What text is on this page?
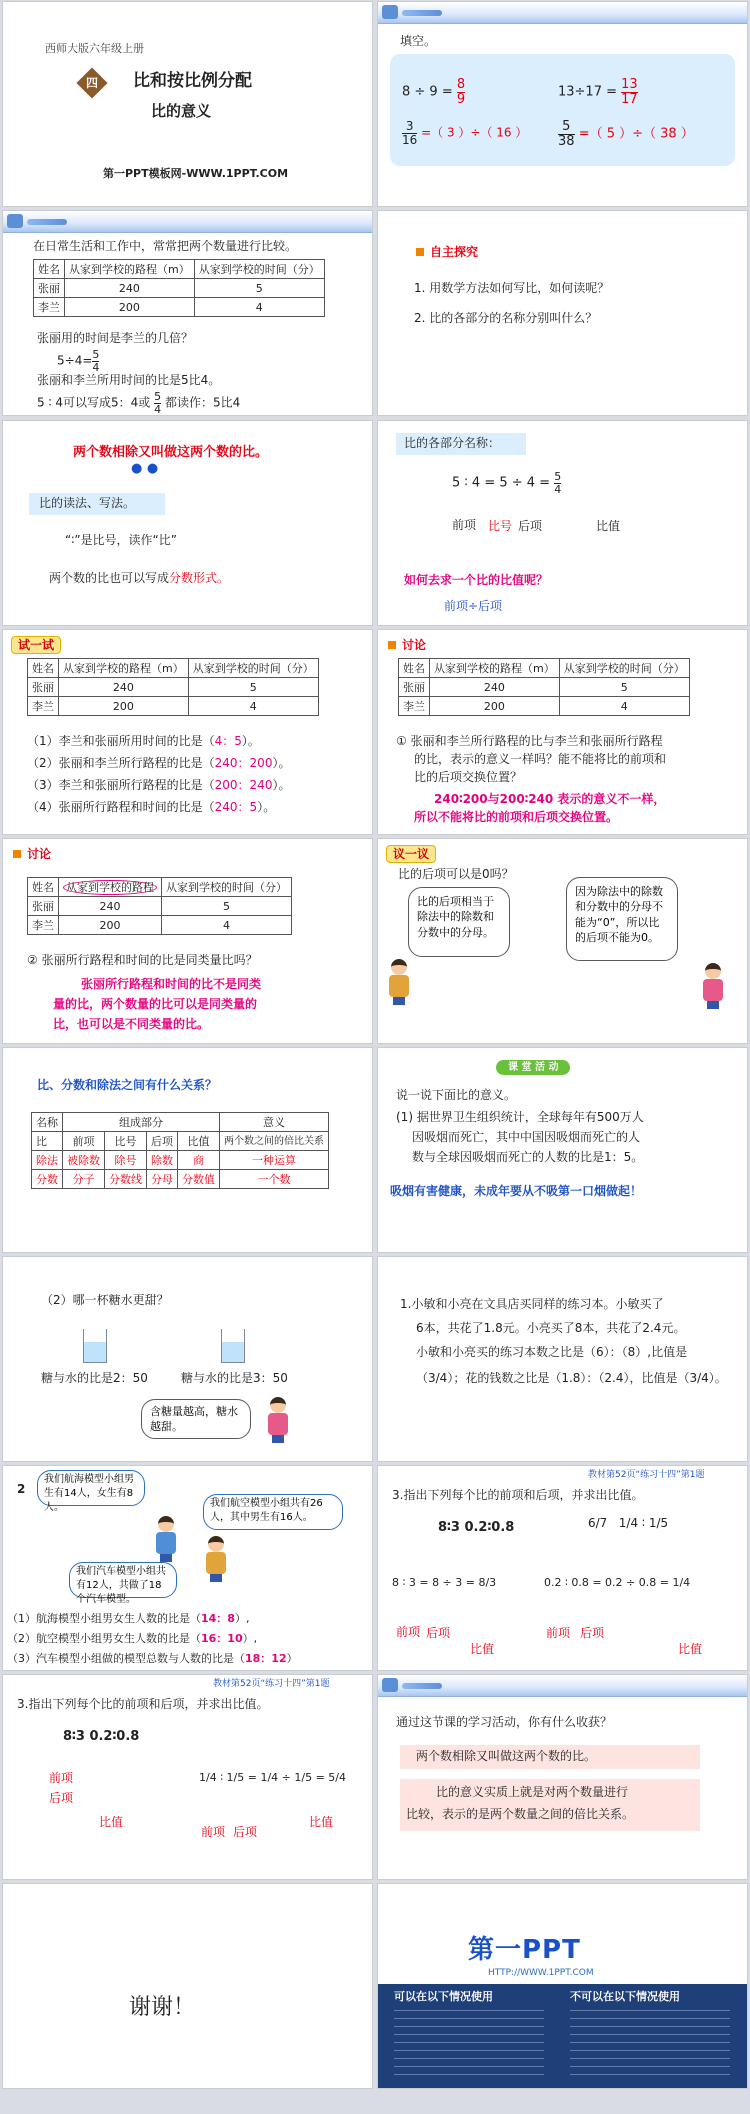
西师大版六年级上册
四	比和按比例分配
比的意义
第一PPT模板网-WWW.1PPT.COM
填空。
$8 \div 9 = \frac{8}{9}$	$13\div 17 = \frac{13}{17}$
$\frac{3}{16}$ =（ 3 ）÷（ 16 ） $\frac{5}{38}$ =（ 5 ）÷（ 38 ）
在日常生活和工作中，常常把两个数量进行比较。
姓名	从家到学校的路程（m）	从家到学校的时间（分）
张丽	240	5
李兰	200	4
张丽用的时间是李兰的几倍？
$5\div 4= \frac{5}{4}$
张丽和李兰所用时间的比是5比4。
5 ∶ 4可以写成5：4或 $\frac{5}{4}$ 都读作：5比4
自主探究
1. 用数学方法如何写比，如何读呢？
2. 比的各部分的名称分别叫什么？
两个数相除又叫做这两个数的比。
● ●
比的读法、写法。
“∶”是比号，读作“比”
两个数的比也可以写成分数形式。
比的各部分名称：
5 ∶ $4 = 5 \div 4 = \frac{5}{4}$
前项 比号 后项	比值
如何去求一个比的比值呢？
前项÷后项
试一试
姓名	从家到学校的路程（m）	从家到学校的时间（分）
张丽	240	5
李兰	200	4
（1）李兰和张丽所用时间的比是（4：5）。
（2）张丽和李兰所行路程的比是（240：200）。
（3）李兰和张丽所行路程的比是（200：240）。
（4）张丽所行路程和时间的比是（240：5）。
讨论
姓名	从家到学校的路程（m）	从家到学校的时间（分）
张丽	240	5
李兰	200	4
① 张丽和李兰所行路程的比与李兰和张丽所行路程
的比，表示的意义一样吗？能不能将比的前项和
比的后项交换位置？
240∶200与200∶240 表示的意义不一样，
所以不能将比的前项和后项交换位置。
讨论
姓名	从家到学校的路程	从家到学校的时间（分）
张丽	240	5
李兰	200	4
② 张丽所行路程和时间的比是同类量比吗？
张丽所行路程和时间的比不是同类
量的比，两个数量的比可以是同类量的
比，也可以是不同类量的比。
议一议
比的后项可以是0吗？
比的后项相当于除法中的除数和分数中的分母。
因为除法中的除数和分数中的分母不能为“0”，所以比的后项不能为0。
比、分数和除法之间有什么关系？
名称	组成部分				意义
比	前项	比号	后项	比值	两个数之间的倍比关系
除法	被除数	除号	除数	商	一种运算
分数	分子	分数线	分母	分数值	一个数
课 堂 活 动
说一说下面比的意义。
(1) 据世界卫生组织统计，全球每年有500万人
因吸烟而死亡，其中中国因吸烟而死亡的人
数与全球因吸烟而死亡的人数的比是1：5。
吸烟有害健康，未成年要从不吸第一口烟做起！
（2）哪一杯糖水更甜？
糖与水的比是2：50	糖与水的比是3：50
含糖量越高，糖水越甜。
1.小敏和小亮在文具店买同样的练习本。小敏买了
6本，共花了1.8元。小亮买了8本，共花了2.4元。
小敏和小亮买的练习本数之比是（6）：（8）,比值是
（3/4）；花的钱数之比是（1.8）：（2.4），比值是（3/4）。
2
我们航海模型小组男生有14人，女生有8人。	我们航空模型小组共有26人，其中男生有16人。
我们汽车模型小组共有12人，共做了18个汽车模型。
（1）航海模型小组男女生人数的比是（14：8）,
（2）航空模型小组男女生人数的比是（16：10）,
（3）汽车模型小组做的模型总数与人数的比是（18：12）
教材第52页“练习十四”第1题
3.指出下列每个比的前项和后项，并求出比值。
8∶3 0.2∶0.8	6/7 1/4 ∶ 1/5
8 ∶ 3 = 8 ÷ 3 = 8/3	0.2 ∶ 0.8 = 0.2 ÷ 0.8 = 1/4
前项 后项
比值
前项 后项
比值
教材第52页“练习十四”第1题
3.指出下列每个比的前项和后项，并求出比值。
8∶3 0.2∶0.8
前项
后项
比值
1/4 ∶ 1/5 = 1/4 ÷ 1/5 = 5/4
前项 后项
比值
通过这节课的学习活动，你有什么收获？
两个数相除又叫做这两个数的比。
比的意义实质上就是对两个数量进行
比较，表示的是两个数量之间的倍比关系。
谢谢！
第一PPT
HTTP://WWW.1PPT.COM
可以在以下情况使用	不可以在以下情况使用
